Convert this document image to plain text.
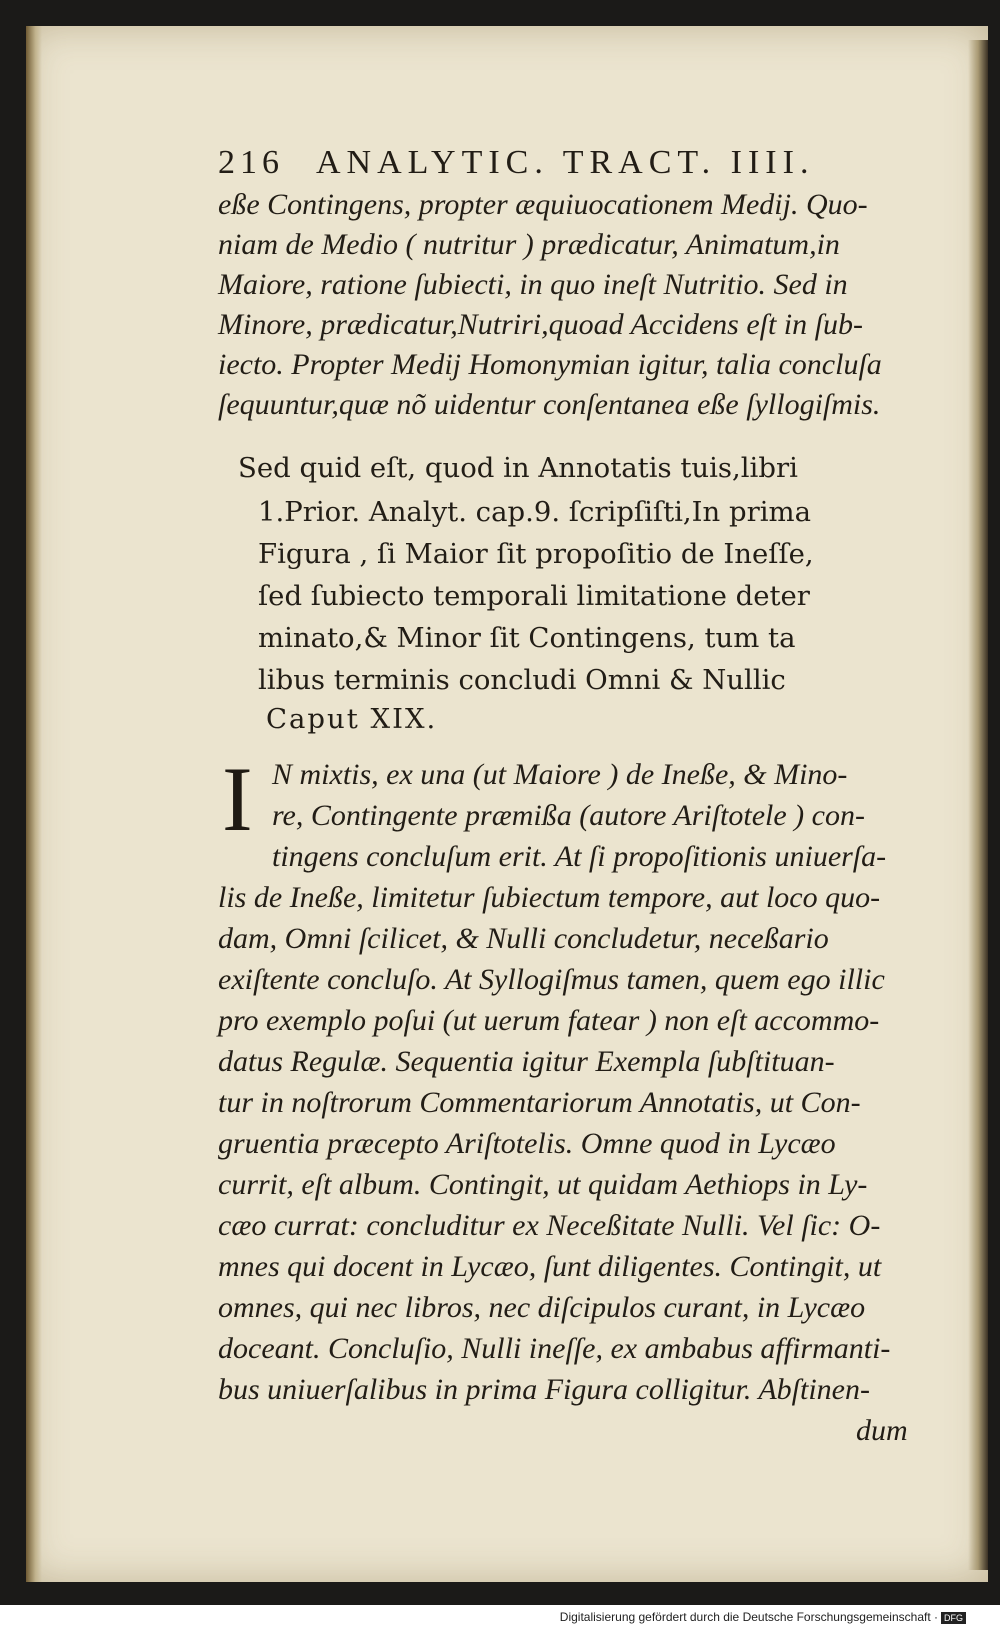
216 ANALYTIC. TRACT. IIII.
eße Contingens, propter æquiuocationem Medij. Quo‑
niam de Medio ( nutritur ) prædicatur, Animatum,in
Maiore, ratione ſubiecti, in quo ineſt Nutritio. Sed in
Minore, prædicatur,Nutriri,quoad Accidens eſt in ſub‑
iecto. Propter Medij Homonymian igitur, talia concluſa
ſequuntur,quæ nõ uidentur conſentanea eße ſyllogiſmis.
Sed quid eſt, quod in Annotatis tuis,libri
1.Prior. Analyt. cap.9. ſcripſiſti,In prima
Figura , ſi Maior ſit propoſitio de Ineſſe,
ſed ſubiecto temporali limitatione deter
minato,& Minor ſit Contingens, tum ta
libus terminis concludi Omni & Nullic
Caput XIX.
I N mixtis, ex una (ut Maiore ) de Ineße, & Mino‑
re, Contingente præmißa (autore Ariſtotele ) con‑
tingens concluſum erit. At ſi propoſitionis uniuerſa‑
lis de Ineße, limitetur ſubiectum tempore, aut loco quo‑
dam, Omni ſcilicet, & Nulli concludetur, neceßario
exiſtente concluſo. At Syllogiſmus tamen, quem ego illic
pro exemplo poſui (ut uerum fatear ) non eſt accommo‑
datus Regulæ. Sequentia igitur Exempla ſubſtituan‑
tur in noſtrorum Commentariorum Annotatis, ut Con‑
gruentia præcepto Ariſtotelis. Omne quod in Lycæo
currit, eſt album. Contingit, ut quidam Aethiops in Ly‑
cæo currat: concluditur ex Neceßitate Nulli. Vel ſic: O‑
mnes qui docent in Lycæo, ſunt diligentes. Contingit, ut
omnes, qui nec libros, nec diſcipulos curant, in Lycæo
doceant. Concluſio, Nulli ineſſe, ex ambabus affirmanti‑
bus uniuerſalibus in prima Figura colligitur. Abſtinen‑
dum
Digitalisierung gefördert durch die Deutsche Forschungsgemeinschaft · DFG
